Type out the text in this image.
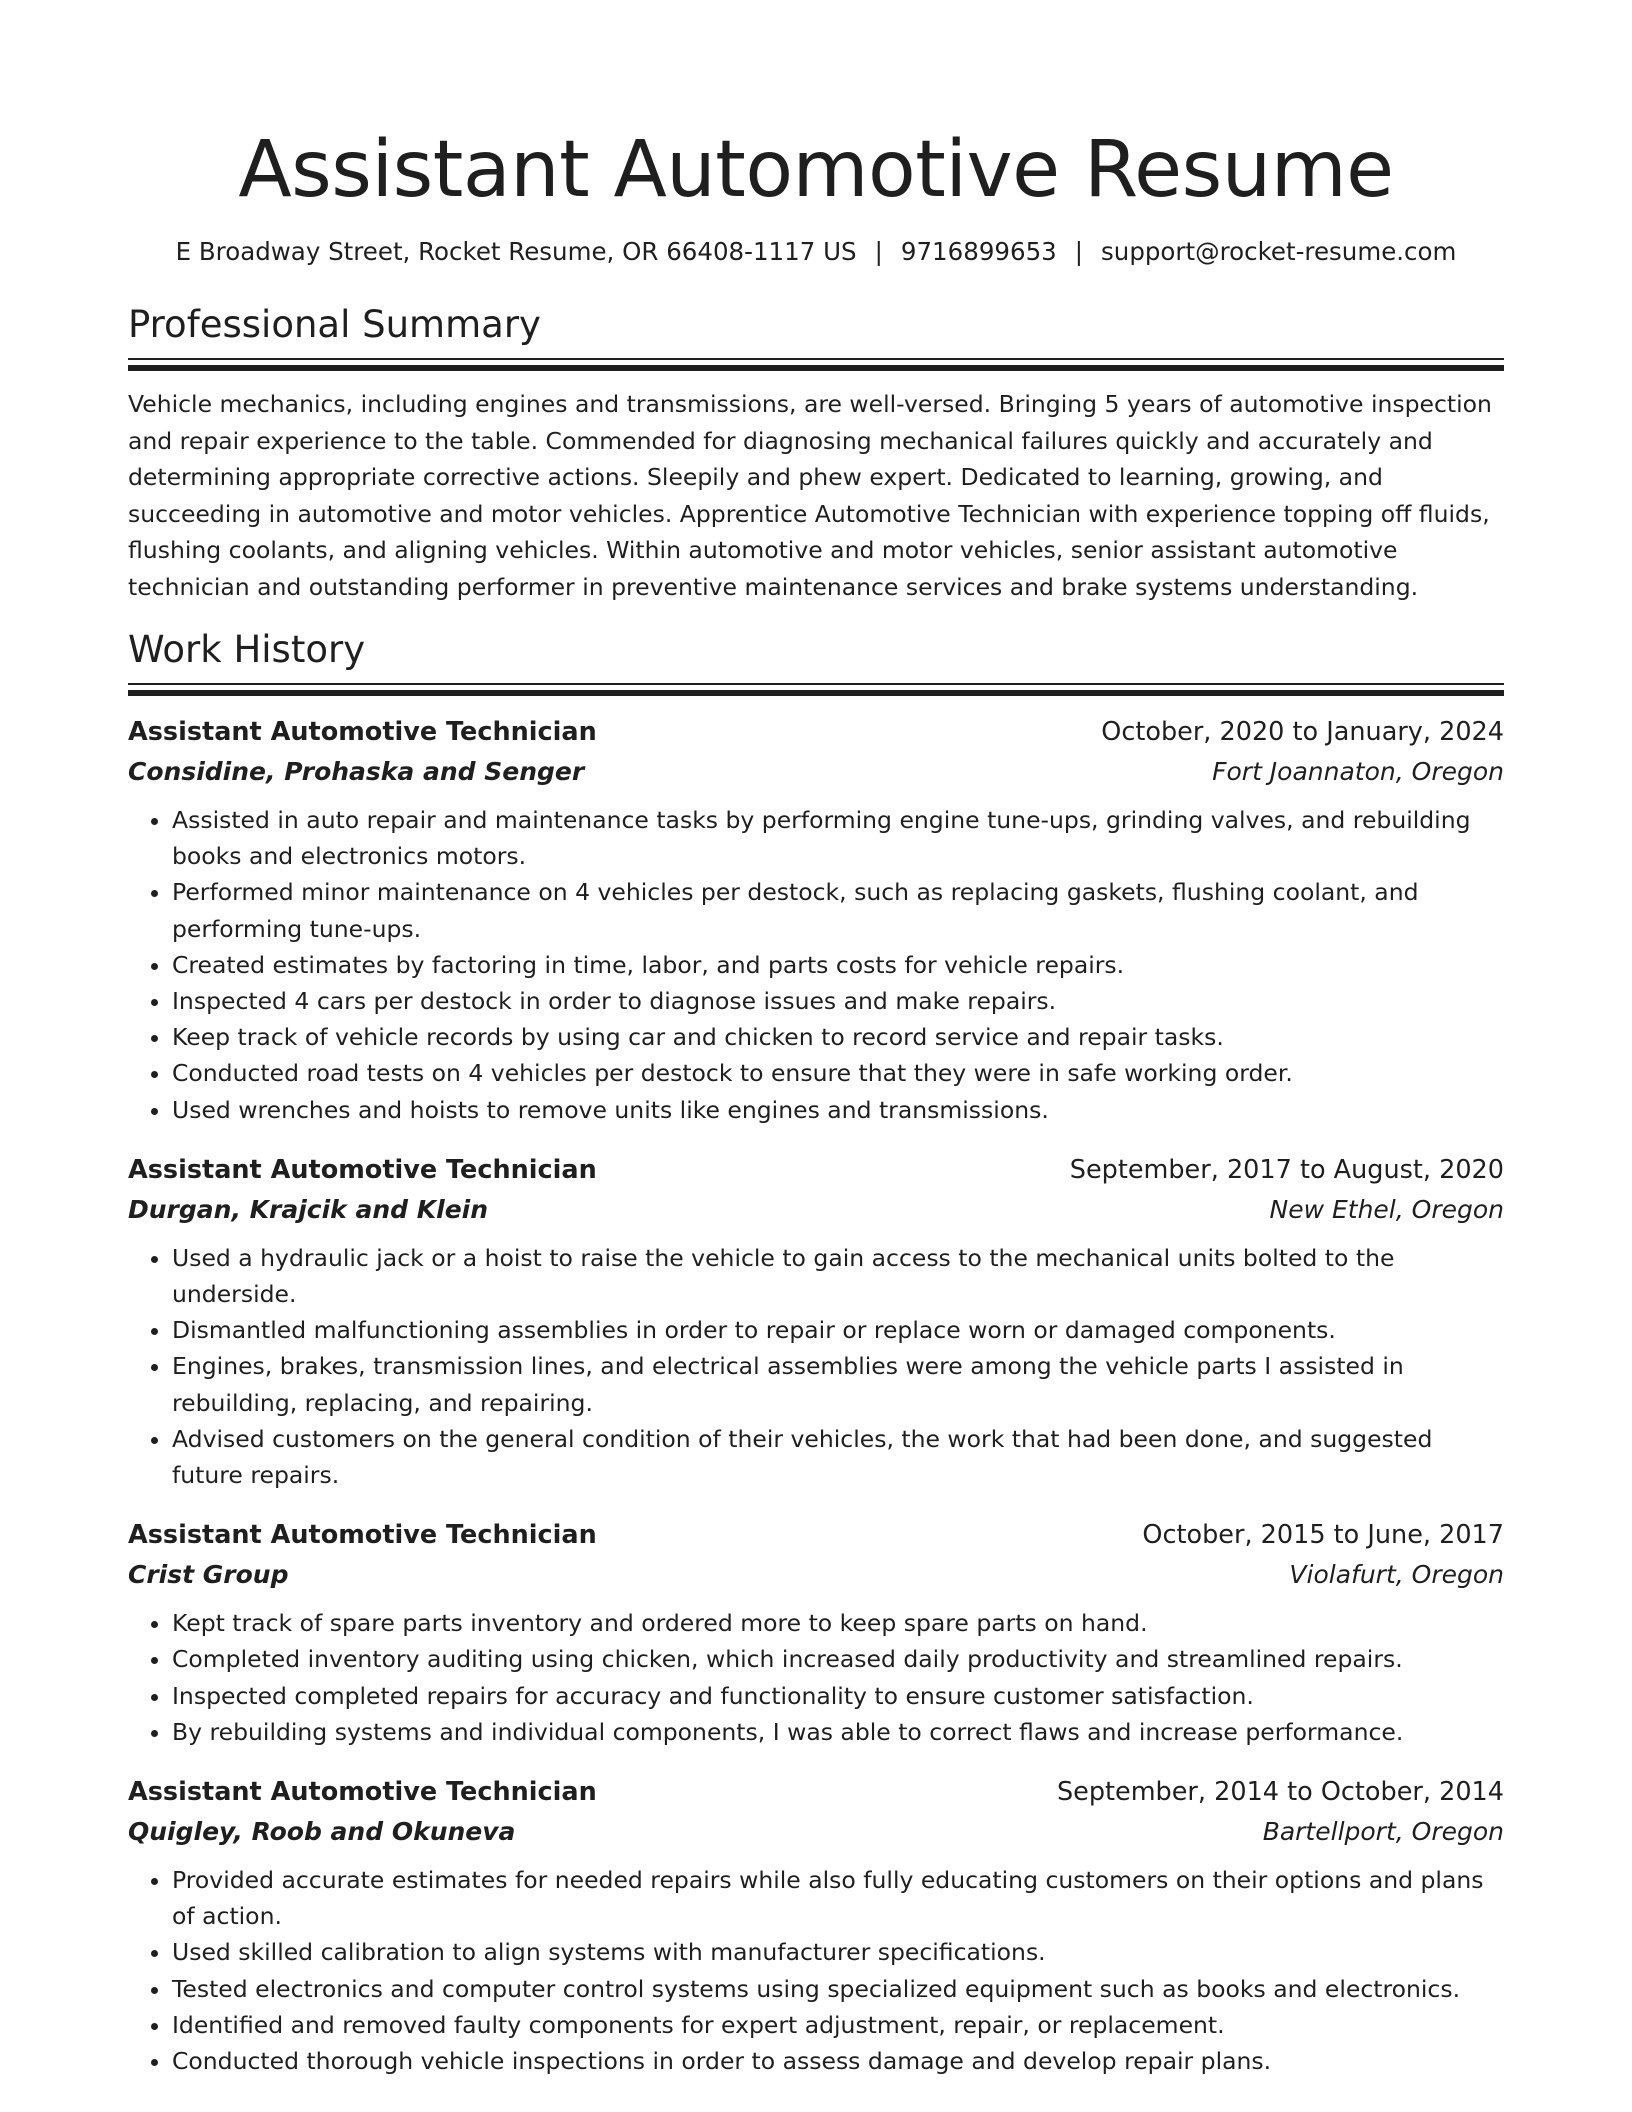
Assistant Automotive Resume
E Broadway Street, Rocket Resume, OR 66408-1117 US | 9716899653 | support@rocket-resume.com
Professional Summary

Vehicle mechanics, including engines and transmissions, are well-versed. Bringing 5 years of automotive inspection and repair experience to the table. Commended for diagnosing mechanical failures quickly and accurately and determining appropriate corrective actions. Sleepily and phew expert. Dedicated to learning, growing, and succeeding in automotive and motor vehicles. Apprentice Automotive Technician with experience topping off fluids, flushing coolants, and aligning vehicles. Within automotive and motor vehicles, senior assistant automotive technician and outstanding performer in preventive maintenance services and brake systems understanding.

Work History
Assistant Automotive Technician	October, 2020 to January, 2024
Considine, Prohaska and Senger	Fort Joannaton, Oregon
• Assisted in auto repair and maintenance tasks by performing engine tune-ups, grinding valves, and rebuilding books and electronics motors.
• Performed minor maintenance on 4 vehicles per destock, such as replacing gaskets, flushing coolant, and performing tune-ups.
• Created estimates by factoring in time, labor, and parts costs for vehicle repairs.
• Inspected 4 cars per destock in order to diagnose issues and make repairs.
• Keep track of vehicle records by using car and chicken to record service and repair tasks.
• Conducted road tests on 4 vehicles per destock to ensure that they were in safe working order.
• Used wrenches and hoists to remove units like engines and transmissions.
Assistant Automotive Technician	September, 2017 to August, 2020
Durgan, Krajcik and Klein	New Ethel, Oregon
• Used a hydraulic jack or a hoist to raise the vehicle to gain access to the mechanical units bolted to the underside.
• Dismantled malfunctioning assemblies in order to repair or replace worn or damaged components.
• Engines, brakes, transmission lines, and electrical assemblies were among the vehicle parts I assisted in rebuilding, replacing, and repairing.
• Advised customers on the general condition of their vehicles, the work that had been done, and suggested future repairs.
Assistant Automotive Technician	October, 2015 to June, 2017
Crist Group	Violafurt, Oregon
• Kept track of spare parts inventory and ordered more to keep spare parts on hand.
• Completed inventory auditing using chicken, which increased daily productivity and streamlined repairs.
• Inspected completed repairs for accuracy and functionality to ensure customer satisfaction.
• By rebuilding systems and individual components, I was able to correct flaws and increase performance.
Assistant Automotive Technician	September, 2014 to October, 2014
Quigley, Roob and Okuneva	Bartellport, Oregon
• Provided accurate estimates for needed repairs while also fully educating customers on their options and plans of action.
• Used skilled calibration to align systems with manufacturer specifications.
• Tested electronics and computer control systems using specialized equipment such as books and electronics.
• Identified and removed faulty components for expert adjustment, repair, or replacement.
• Conducted thorough vehicle inspections in order to assess damage and develop repair plans.
